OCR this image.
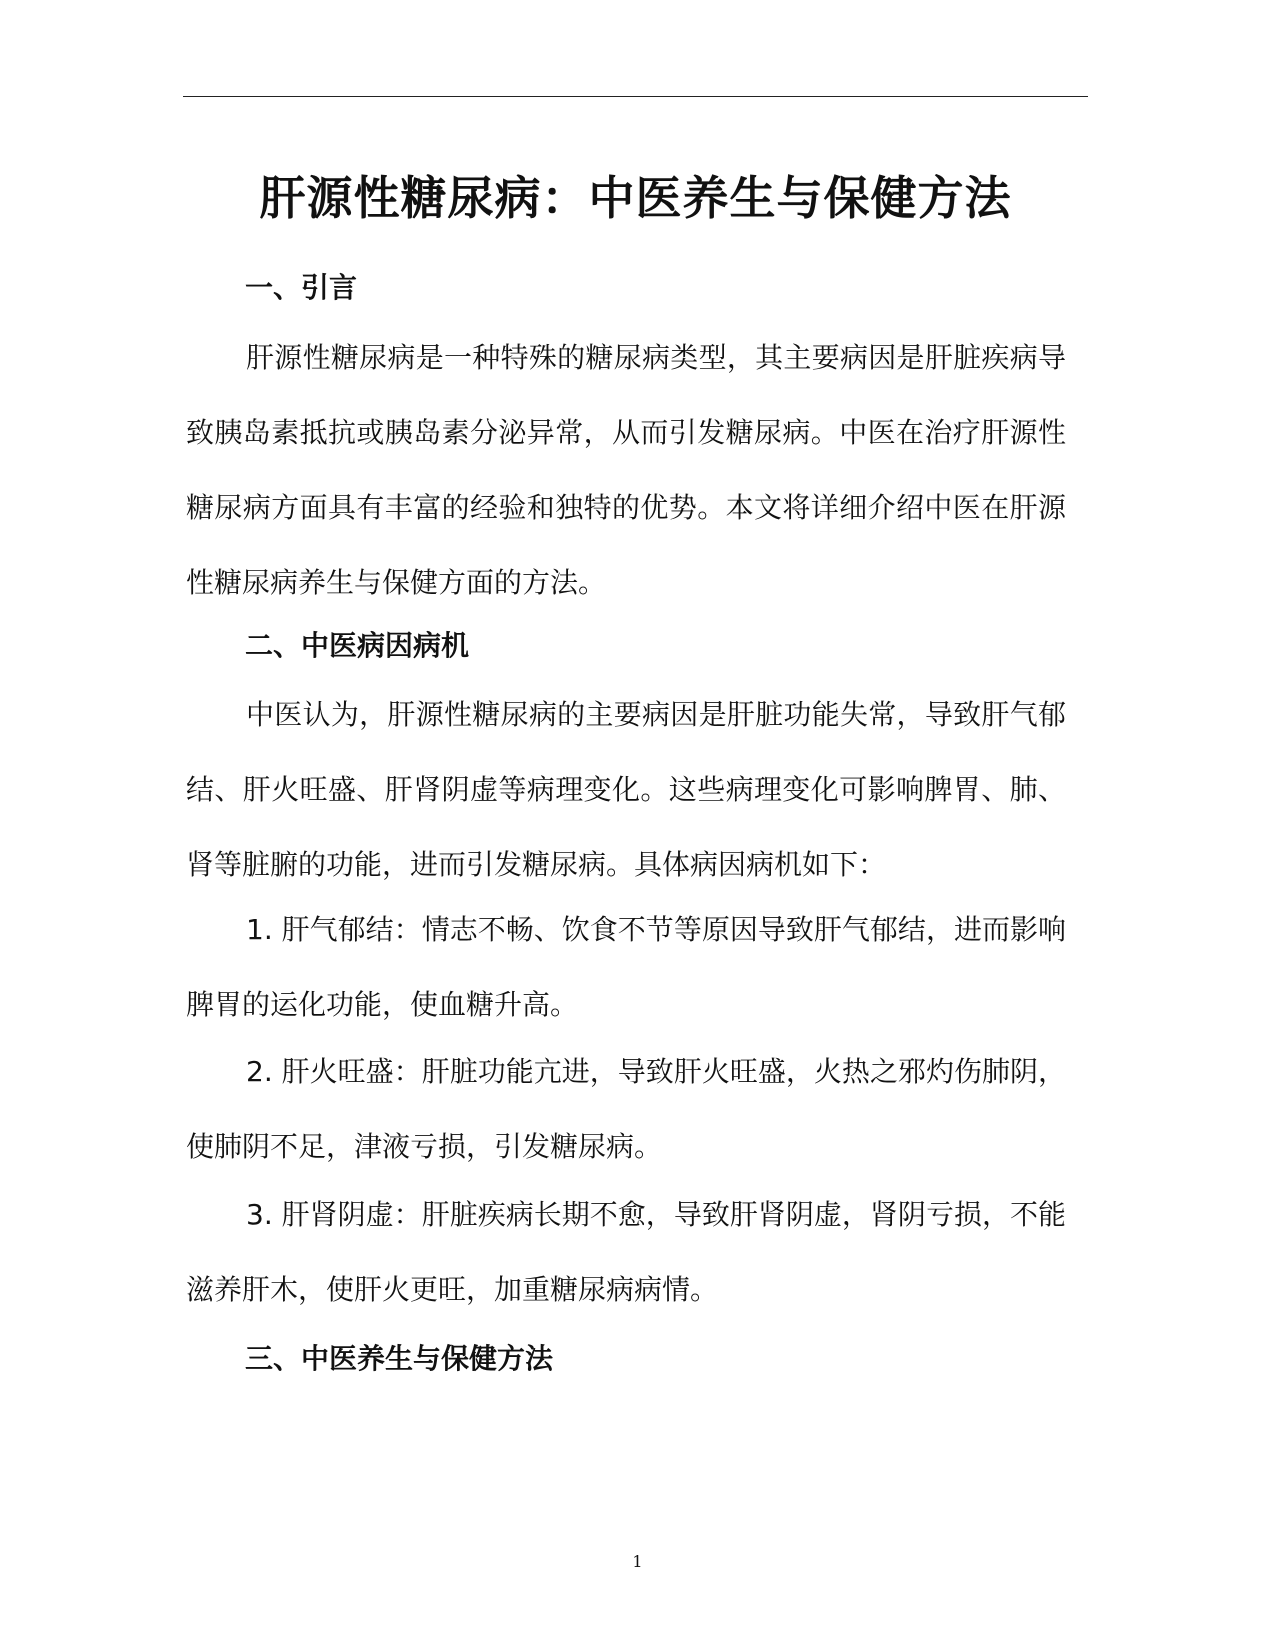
肝源性糖尿病：中医养生与保健方法
一、引言

肝源性糖尿病是一种特殊的糖尿病类型，其主要病因是肝脏疾病导致胰岛素抵抗或胰岛素分泌异常，从而引发糖尿病。中医在治疗肝源性糖尿病方面具有丰富的经验和独特的优势。本文将详细介绍中医在肝源性糖尿病养生与保健方面的方法。

二、中医病因病机

中医认为，肝源性糖尿病的主要病因是肝脏功能失常，导致肝气郁结、肝火旺盛、肝肾阴虚等病理变化。这些病理变化可影响脾胃、肺、肾等脏腑的功能，进而引发糖尿病。具体病因病机如下：

1. 肝气郁结：情志不畅、饮食不节等原因导致肝气郁结，进而影响脾胃的运化功能，使血糖升高。

2. 肝火旺盛：肝脏功能亢进，导致肝火旺盛，火热之邪灼伤肺阴，使肺阴不足，津液亏损，引发糖尿病。

3. 肝肾阴虚：肝脏疾病长期不愈，导致肝肾阴虚，肾阴亏损，不能滋养肝木，使肝火更旺，加重糖尿病病情。

三、中医养生与保健方法
1
